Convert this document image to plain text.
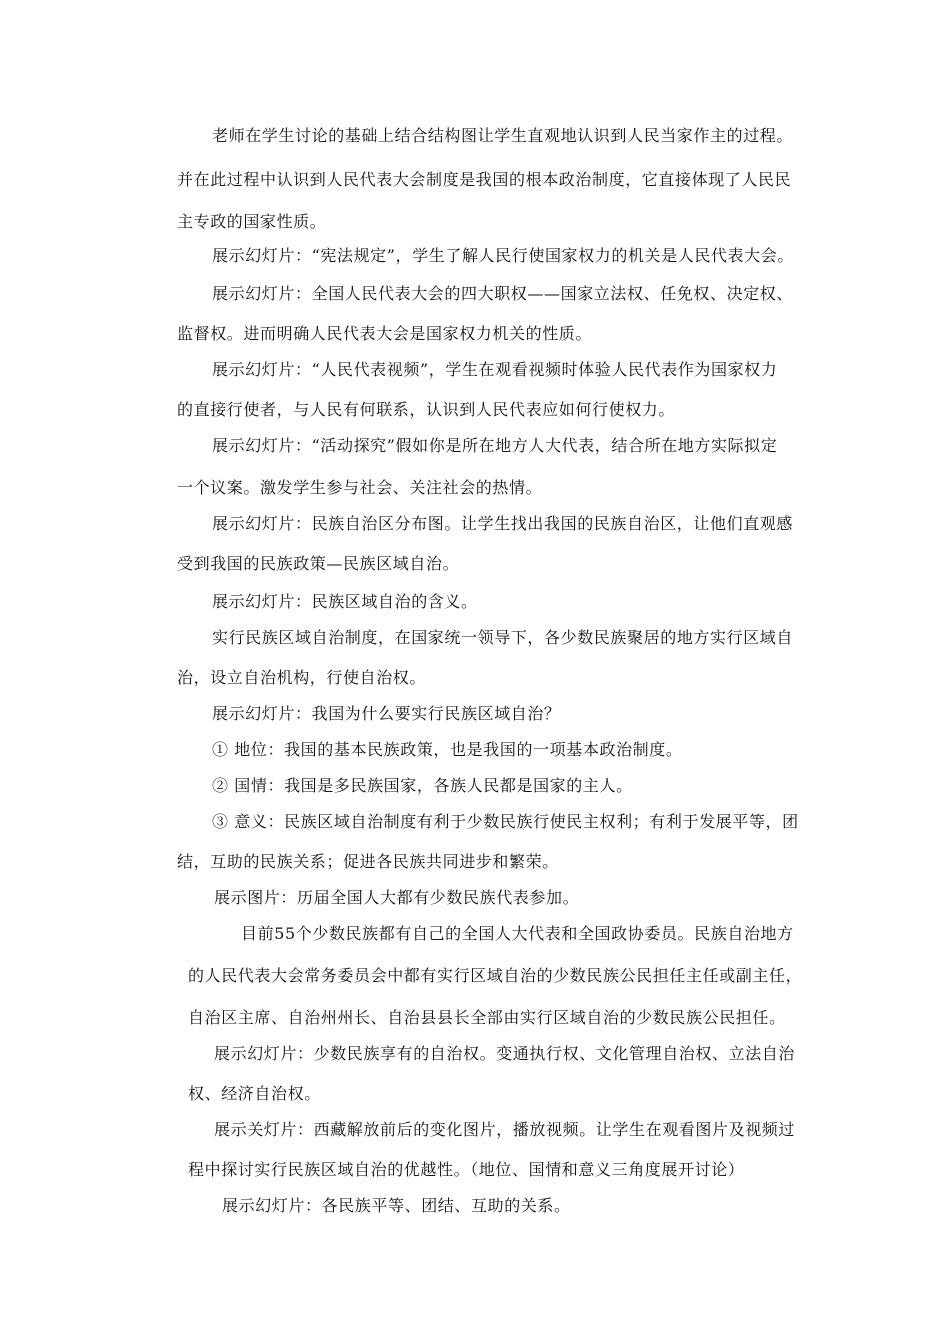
老师在学生讨论的基础上结合结构图让学生直观地认识到人民当家作主的过程。
并在此过程中认识到人民代表大会制度是我国的根本政治制度，它直接体现了人民民
主专政的国家性质。
展示幻灯片：“宪法规定”，学生了解人民行使国家权力的机关是人民代表大会。
展示幻灯片：全国人民代表大会的四大职权——国家立法权、任免权、决定权、
监督权。进而明确人民代表大会是国家权力机关的性质。
展示幻灯片：“人民代表视频”，学生在观看视频时体验人民代表作为国家权力
的直接行使者，与人民有何联系，认识到人民代表应如何行使权力。
展示幻灯片：“活动探究”假如你是所在地方人大代表，结合所在地方实际拟定
一个议案。激发学生参与社会、关注社会的热情。
展示幻灯片：民族自治区分布图。让学生找出我国的民族自治区，让他们直观感
受到我国的民族政策—民族区域自治。
展示幻灯片：民族区域自治的含义。
实行民族区域自治制度，在国家统一领导下，各少数民族聚居的地方实行区域自
治，设立自治机构，行使自治权。
展示幻灯片：我国为什么要实行民族区域自治？
① 地位：我国的基本民族政策，也是我国的一项基本政治制度。
② 国情：我国是多民族国家，各族人民都是国家的主人。
③ 意义：民族区域自治制度有利于少数民族行使民主权利；有利于发展平等，团
结，互助的民族关系；促进各民族共同进步和繁荣。
展示图片：历届全国人大都有少数民族代表参加。
目前55个少数民族都有自己的全国人大代表和全国政协委员。民族自治地方
的人民代表大会常务委员会中都有实行区域自治的少数民族公民担任主任或副主任，
自治区主席、自治州州长、自治县县长全部由实行区域自治的少数民族公民担任。
展示幻灯片：少数民族享有的自治权。变通执行权、文化管理自治权、立法自治
权、经济自治权。
展示关灯片：西藏解放前后的变化图片，播放视频。让学生在观看图片及视频过
程中探讨实行民族区域自治的优越性。（地位、国情和意义三角度展开讨论）
展示幻灯片：各民族平等、团结、互助的关系。
